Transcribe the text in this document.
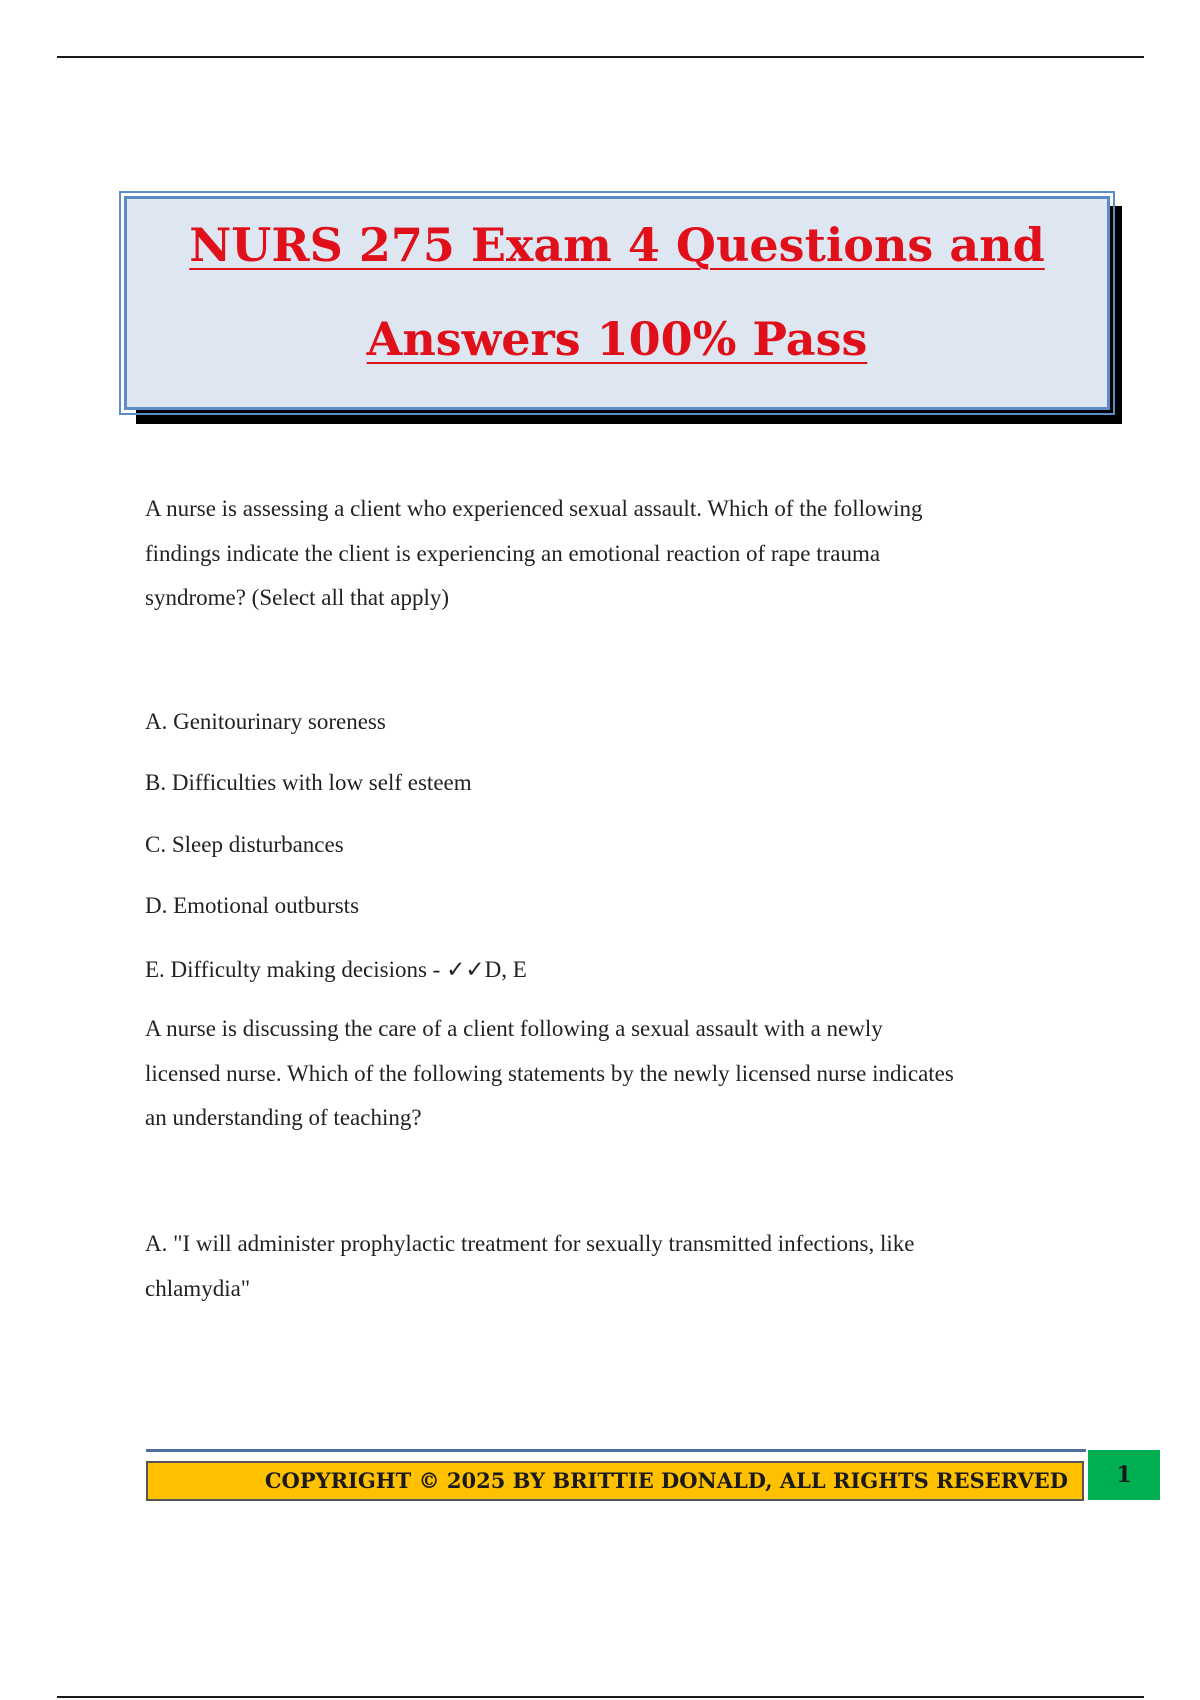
NURS 275 Exam 4 Questions and
Answers 100% Pass
A nurse is assessing a client who experienced sexual assault. Which of the following
findings indicate the client is experiencing an emotional reaction of rape trauma
syndrome? (Select all that apply)
A. Genitourinary soreness
B. Difficulties with low self esteem
C. Sleep disturbances
D. Emotional outbursts
E. Difficulty making decisions - ✓✓D, E
A nurse is discussing the care of a client following a sexual assault with a newly
licensed nurse. Which of the following statements by the newly licensed nurse indicates
an understanding of teaching?
A. "I will administer prophylactic treatment for sexually transmitted infections, like
chlamydia"
COPYRIGHT © 2025 BY BRITTIE DONALD, ALL RIGHTS RESERVED	1
